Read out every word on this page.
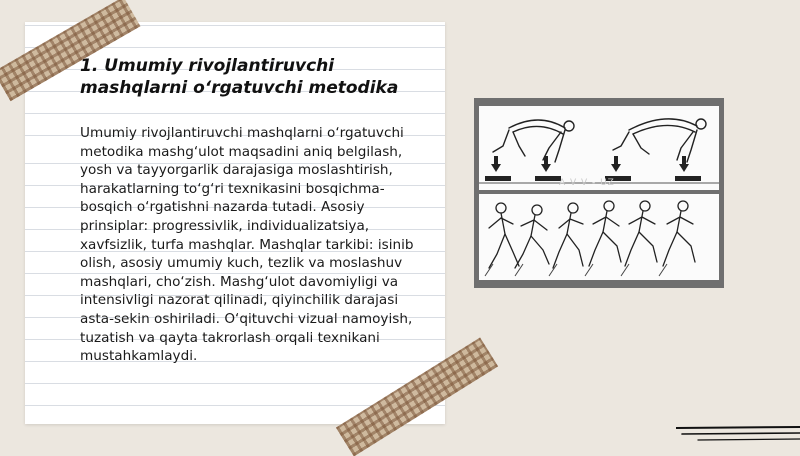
1. Umumiy rivojlantiruvchi
mashqlarni o‘rgatuvchi metodika

Umumiy rivojlantiruvchi mashqlarni o‘rgatuvchi metodika mashg‘ulot maqsadini aniq belgilash, yosh va tayyorgarlik darajasiga moslashtirish, harakatlarning to‘g‘ri texnikasini bosqichma-bosqich o‘rgatishni nazarda tutadi. Asosiy prinsiplar: progressivlik, individualizatsiya, xavfsizlik, turfa mashqlar. Mashqlar tarkibi: isinib olish, asosiy umumiy kuch, tezlik va moslashuv mashqlari, cho‘zish. Mashg‘ulot davomiyligi va intensivligi nazorat qilinadi, qiyinchilik darajasi asta-sekin oshiriladi. O‘qituvchi vizual namoyish, tuzatish va qayta takrorlash orqali texnikani mustahkamlaydi.

A V V - UZ
